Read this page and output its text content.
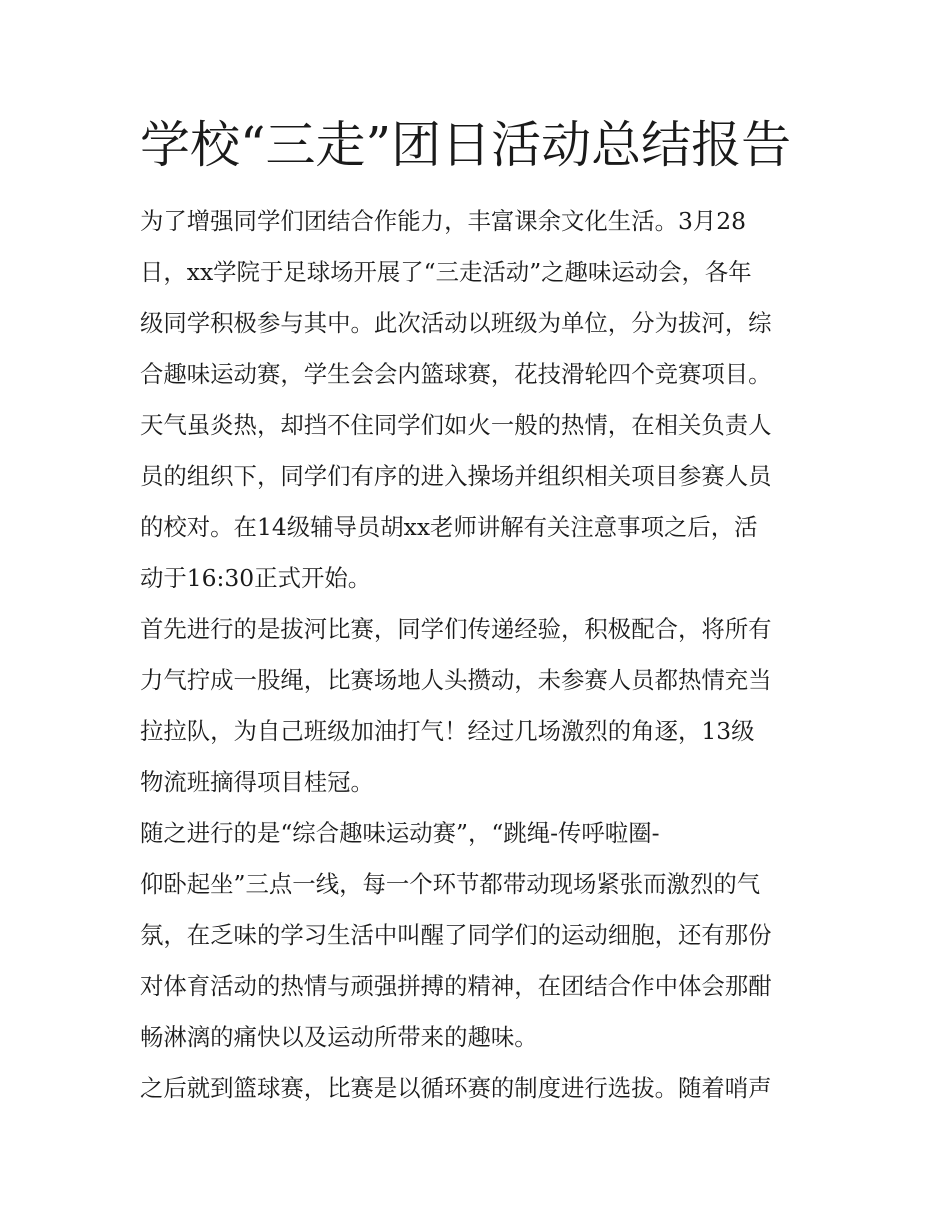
学校“三走”团日活动总结报告
为了增强同学们团结合作能力，丰富课余文化生活。3月28
日，xx学院于足球场开展了“三走活动”之趣味运动会，各年
级同学积极参与其中。此次活动以班级为单位，分为拔河，综
合趣味运动赛，学生会会内篮球赛，花技滑轮四个竞赛项目。
天气虽炎热，却挡不住同学们如火一般的热情，在相关负责人
员的组织下，同学们有序的进入操场并组织相关项目参赛人员
的校对。在14级辅导员胡xx老师讲解有关注意事项之后，活
动于16:30正式开始。
首先进行的是拔河比赛，同学们传递经验，积极配合，将所有
力气拧成一股绳，比赛场地人头攒动，未参赛人员都热情充当
拉拉队，为自己班级加油打气！经过几场激烈的角逐，13级
物流班摘得项目桂冠。
随之进行的是“综合趣味运动赛”，“跳绳-传呼啦圈-
仰卧起坐”三点一线，每一个环节都带动现场紧张而激烈的气
氛，在乏味的学习生活中叫醒了同学们的运动细胞，还有那份
对体育活动的热情与顽强拼搏的精神，在团结合作中体会那酣
畅淋漓的痛快以及运动所带来的趣味。
之后就到篮球赛，比赛是以循环赛的制度进行选拔。随着哨声
